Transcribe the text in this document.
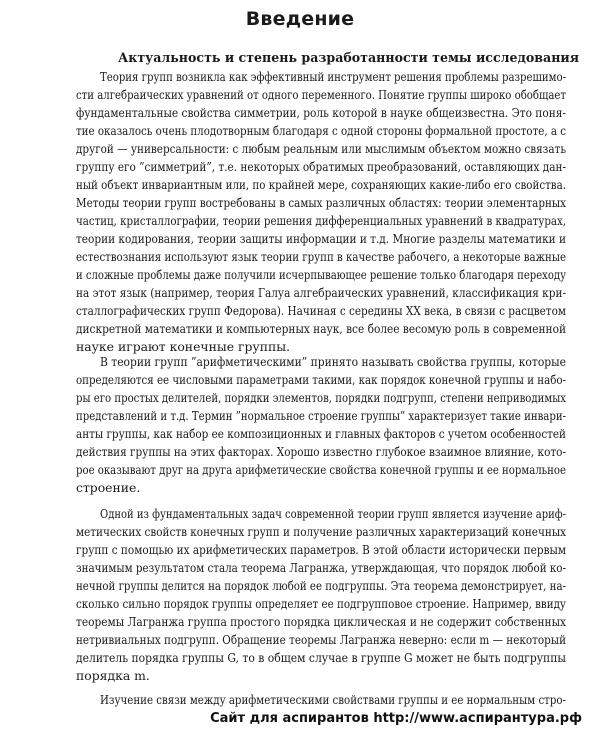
Введение
Актуальность и степень разработанности темы исследования
Теория групп возникла как эффективный инструмент решения проблемы разрешимо-
сти алгебраических уравнений от одного переменного. Понятие группы широко обобщает
фундаментальные свойства симметрии, роль которой в науке общеизвестна. Это поня-
тие оказалось очень плодотворным благодаря с одной стороны формальной простоте, а с
другой — универсальности: с любым реальным или мыслимым объектом можно связать
группу его ”симметрий”, т.е. некоторых обратимых преобразований, оставляющих дан-
ный объект инвариантным или, по крайней мере, сохраняющих какие-либо его свойства.
Методы теории групп востребованы в самых различных областях: теории элементарных
частиц, кристаллографии, теории решения дифференциальных уравнений в квадратурах,
теории кодирования, теории защиты информации и т.д. Многие разделы математики и
естествознания используют язык теории групп в качестве рабочего, а некоторые важные
и сложные проблемы даже получили исчерпывающее решение только благодаря переходу
на этот язык (например, теория Галуа алгебраических уравнений, классификация кри-
сталлографических групп Федорова). Начиная с середины XX века, в связи с расцветом
дискретной математики и компьютерных наук, все более весомую роль в современной
науке играют конечные группы.
В теории групп ”арифметическими” принято называть свойства группы, которые
определяются ее числовыми параметрами такими, как порядок конечной группы и набо-
ры его простых делителей, порядки элементов, порядки подгрупп, степени неприводимых
представлений и т.д. Термин ”нормальное строение группы” характеризует такие инвари-
анты группы, как набор ее композиционных и главных факторов с учетом особенностей
действия группы на этих факторах. Хорошо известно глубокое взаимное влияние, кото-
рое оказывают друг на друга арифметические свойства конечной группы и ее нормальное
строение.
Одной из фундаментальных задач современной теории групп является изучение ариф-
метических свойств конечных групп и получение различных характеризаций конечных
групп с помощью их арифметических параметров. В этой области исторически первым
значимым результатом стала теорема Лагранжа, утверждающая, что порядок любой ко-
нечной группы делится на порядок любой ее подгруппы. Эта теорема демонстрирует, на-
сколько сильно порядок группы определяет ее подгрупповое строение. Например, ввиду
теоремы Лагранжа группа простого порядка циклическая и не содержит собственных
нетривиальных подгрупп. Обращение теоремы Лагранжа неверно: если m — некоторый
делитель порядка группы G, то в общем случае в группе G может не быть подгруппы
порядка m.
Изучение связи между арифметическими свойствами группы и ее нормальным стро-
Сайт для аспирантов http://www.аспирантура.рф
